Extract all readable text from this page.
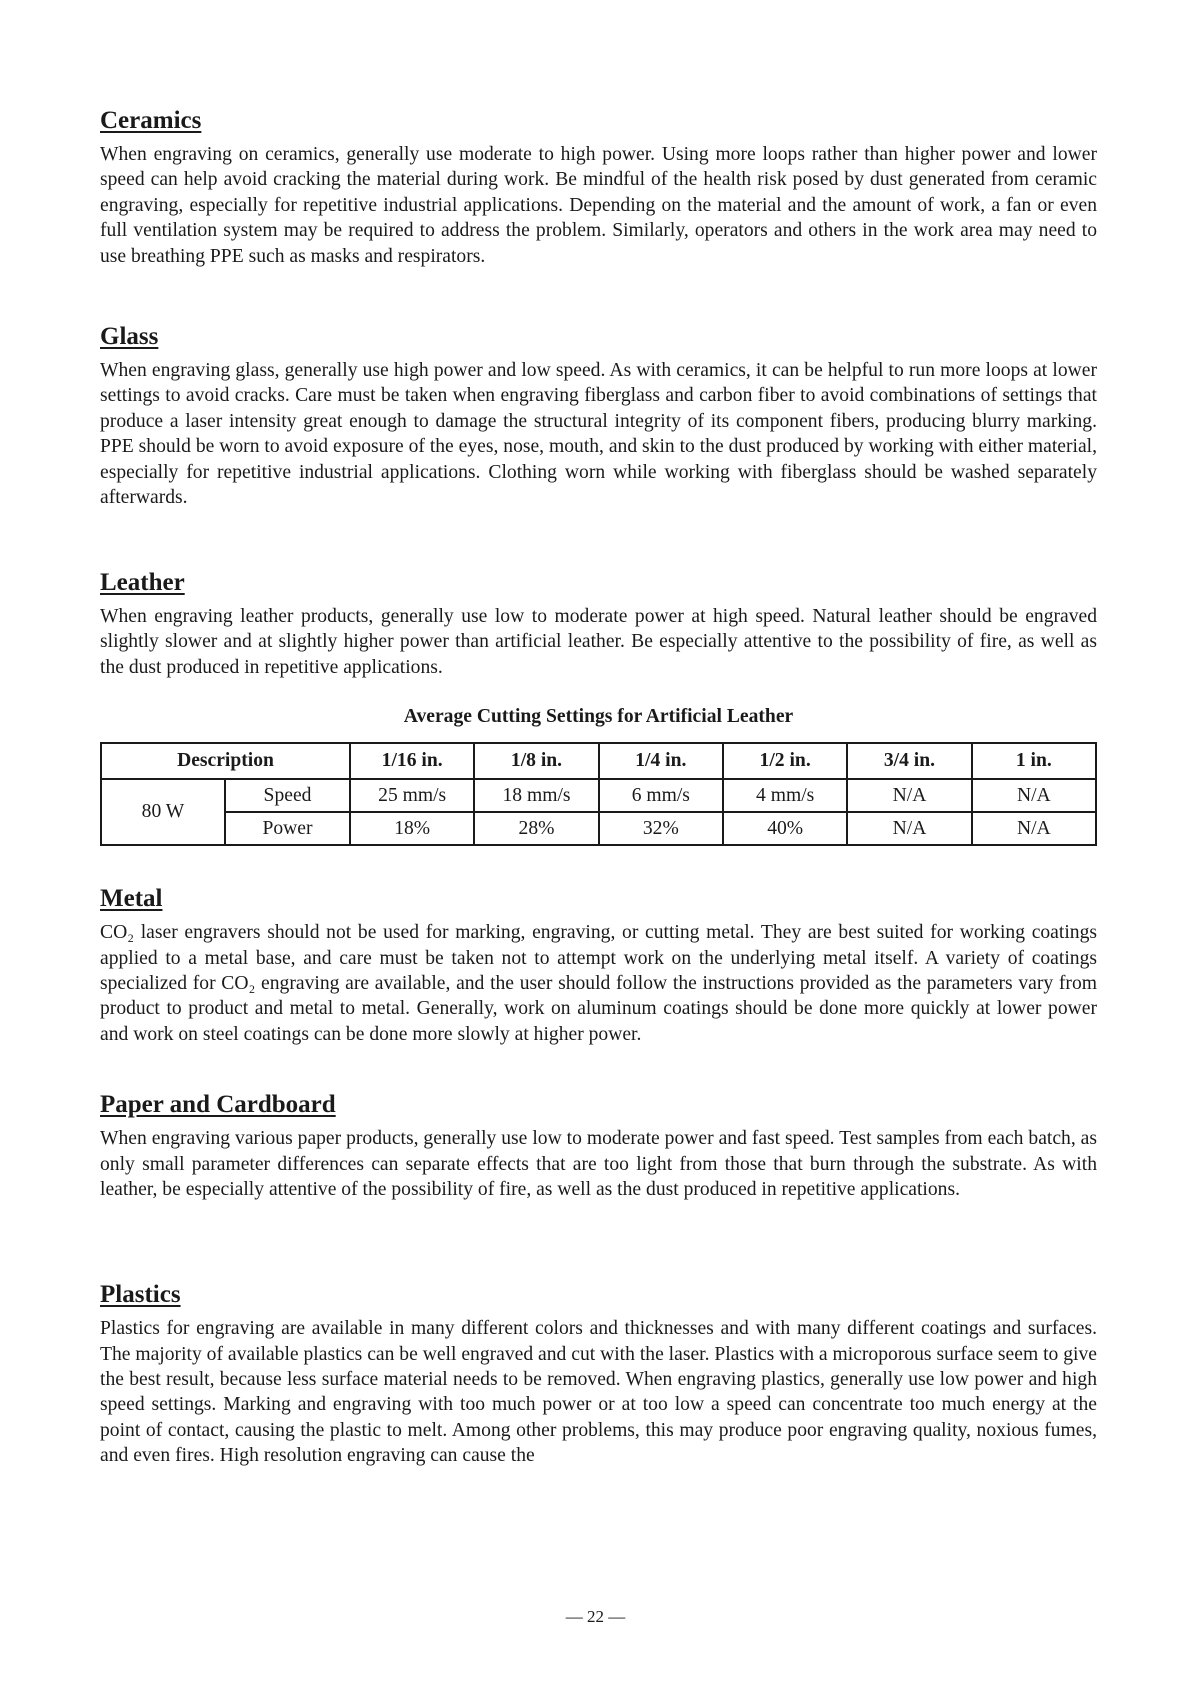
Ceramics

When engraving on ceramics, generally use moderate to high power. Using more loops rather than higher power and lower speed can help avoid cracking the material during work. Be mindful of the health risk posed by dust generated from ceramic engraving, especially for repetitive industrial applications. Depending on the material and the amount of work, a fan or even full ventilation system may be required to address the problem. Similarly, operators and others in the work area may need to use breathing PPE such as masks and respirators.

Glass

When engraving glass, generally use high power and low speed. As with ceramics, it can be helpful to run more loops at lower settings to avoid cracks. Care must be taken when engraving fiberglass and carbon fiber to avoid combinations of settings that produce a laser intensity great enough to damage the structural integrity of its component fibers, producing blurry marking. PPE should be worn to avoid exposure of the eyes, nose, mouth, and skin to the dust produced by working with either material, especially for repetitive industrial applications. Clothing worn while working with fiberglass should be washed separately afterwards.

Leather

When engraving leather products, generally use low to moderate power at high speed. Natural leather should be engraved slightly slower and at slightly higher power than artificial leather. Be especially attentive to the possibility of fire, as well as the dust produced in repetitive applications.

Average Cutting Settings for Artificial Leather
Description		1/16 in.	1/8 in.	1/4 in.	1/2 in.	3/4 in.	1 in.
80 W	Speed	25 mm/s	18 mm/s	6 mm/s	4 mm/s	N/A	N/A
	Power	18%	28%	32%	40%	N/A	N/A
Metal

CO₂ laser engravers should not be used for marking, engraving, or cutting metal. They are best suited for working coatings applied to a metal base, and care must be taken not to attempt work on the underlying metal itself. A variety of coatings specialized for CO₂ engraving are available, and the user should follow the instructions provided as the parameters vary from product to product and metal to metal. Generally, work on aluminum coatings should be done more quickly at lower power and work on steel coatings can be done more slowly at higher power.

Paper and Cardboard

When engraving various paper products, generally use low to moderate power and fast speed. Test samples from each batch, as only small parameter differences can separate effects that are too light from those that burn through the substrate. As with leather, be especially attentive of the possibility of fire, as well as the dust produced in repetitive applications.

Plastics

Plastics for engraving are available in many different colors and thicknesses and with many different coatings and surfaces. The majority of available plastics can be well engraved and cut with the laser. Plastics with a microporous surface seem to give the best result, because less surface material needs to be removed. When engraving plastics, generally use low power and high speed settings. Marking and engraving with too much power or at too low a speed can concentrate too much energy at the point of contact, causing the plastic to melt. Among other problems, this may produce poor engraving quality, noxious fumes, and even fires. High resolution engraving can cause the

— 22 —
